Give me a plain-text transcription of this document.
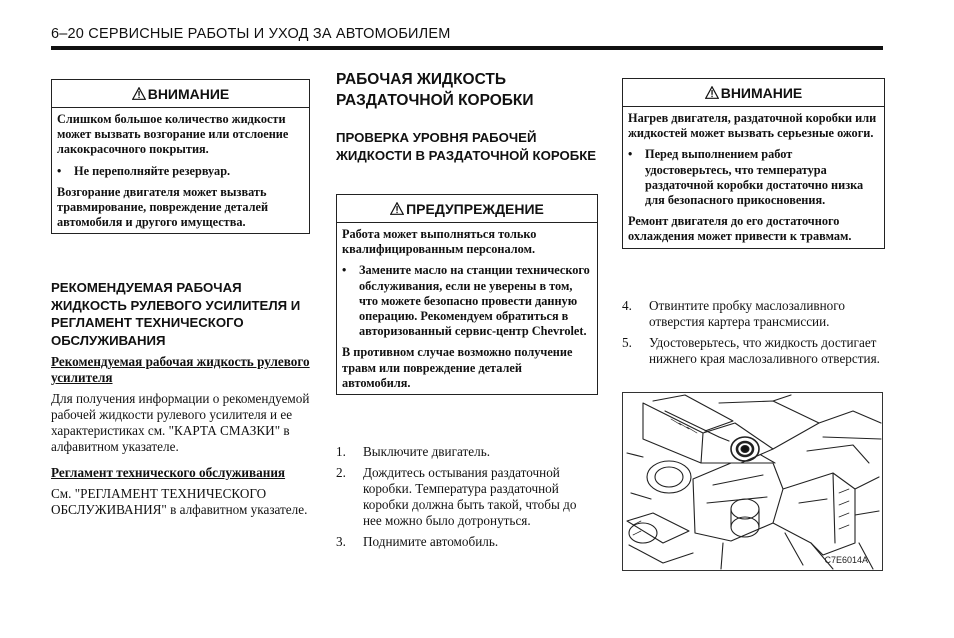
6–20 СЕРВИСНЫЕ РАБОТЫ И УХОД ЗА АВТОМОБИЛЕМ
ВНИМАНИЕ

Слишком большое количество жидкости может вызвать возгорание или отслоение лакокрасочного покрытия.

•	Не переполняйте резервуар.

Возгорание двигателя может вызвать травмирование, повреждение деталей автомобиля и другого имущества.

РЕКОМЕНДУЕМАЯ РАБОЧАЯ ЖИДКОСТЬ РУЛЕВОГО УСИЛИТЕЛЯ И РЕГЛАМЕНТ ТЕХНИЧЕСКОГО ОБСЛУЖИВАНИЯ

Рекомендуемая рабочая жидкость рулевого усилителя

Для получения информации о рекомендуемой рабочей жидкости рулевого усилителя и ее характеристиках см. "КАРТА СМАЗКИ" в алфавитном указателе.

Регламент технического обслуживания

См. "РЕГЛАМЕНТ ТЕХНИЧЕСКОГО ОБСЛУЖИВАНИЯ" в алфавитном указателе.

РАБОЧАЯ ЖИДКОСТЬ РАЗДАТОЧНОЙ КОРОБКИ
ПРОВЕРКА УРОВНЯ РАБОЧЕЙ ЖИДКОСТИ В РАЗДАТОЧНОЙ КОРОБКЕ
ПРЕДУПРЕЖДЕНИЕ

Работа может выполняться только квалифицированным персоналом.

•	Замените масло на станции технического обслуживания, если не уверены в том, что можете безопасно провести данную операцию. Рекомендуем обратиться в авторизованный сервис-центр Chevrolet.

В противном случае возможно получение травм или повреждение деталей автомобиля.

1.	Выключите двигатель.
2.	Дождитесь остывания раздаточной коробки. Температура раздаточной коробки должна быть такой, чтобы до нее можно было дотронуться.
3.	Поднимите автомобиль.
ВНИМАНИЕ

Нагрев двигателя, раздаточной коробки или жидкостей может вызвать серьезные ожоги.

•	Перед выполнением работ удостоверьтесь, что температура раздаточной коробки достаточно низка для безопасного прикосновения.

Ремонт двигателя до его достаточного охлаждения может привести к травмам.

4.	Отвинтите пробку маслозаливного отверстия картера трансмиссии.
5.	Удостоверьтесь, что жидкость достигает нижнего края маслозаливного отверстия.
C7E6014A
